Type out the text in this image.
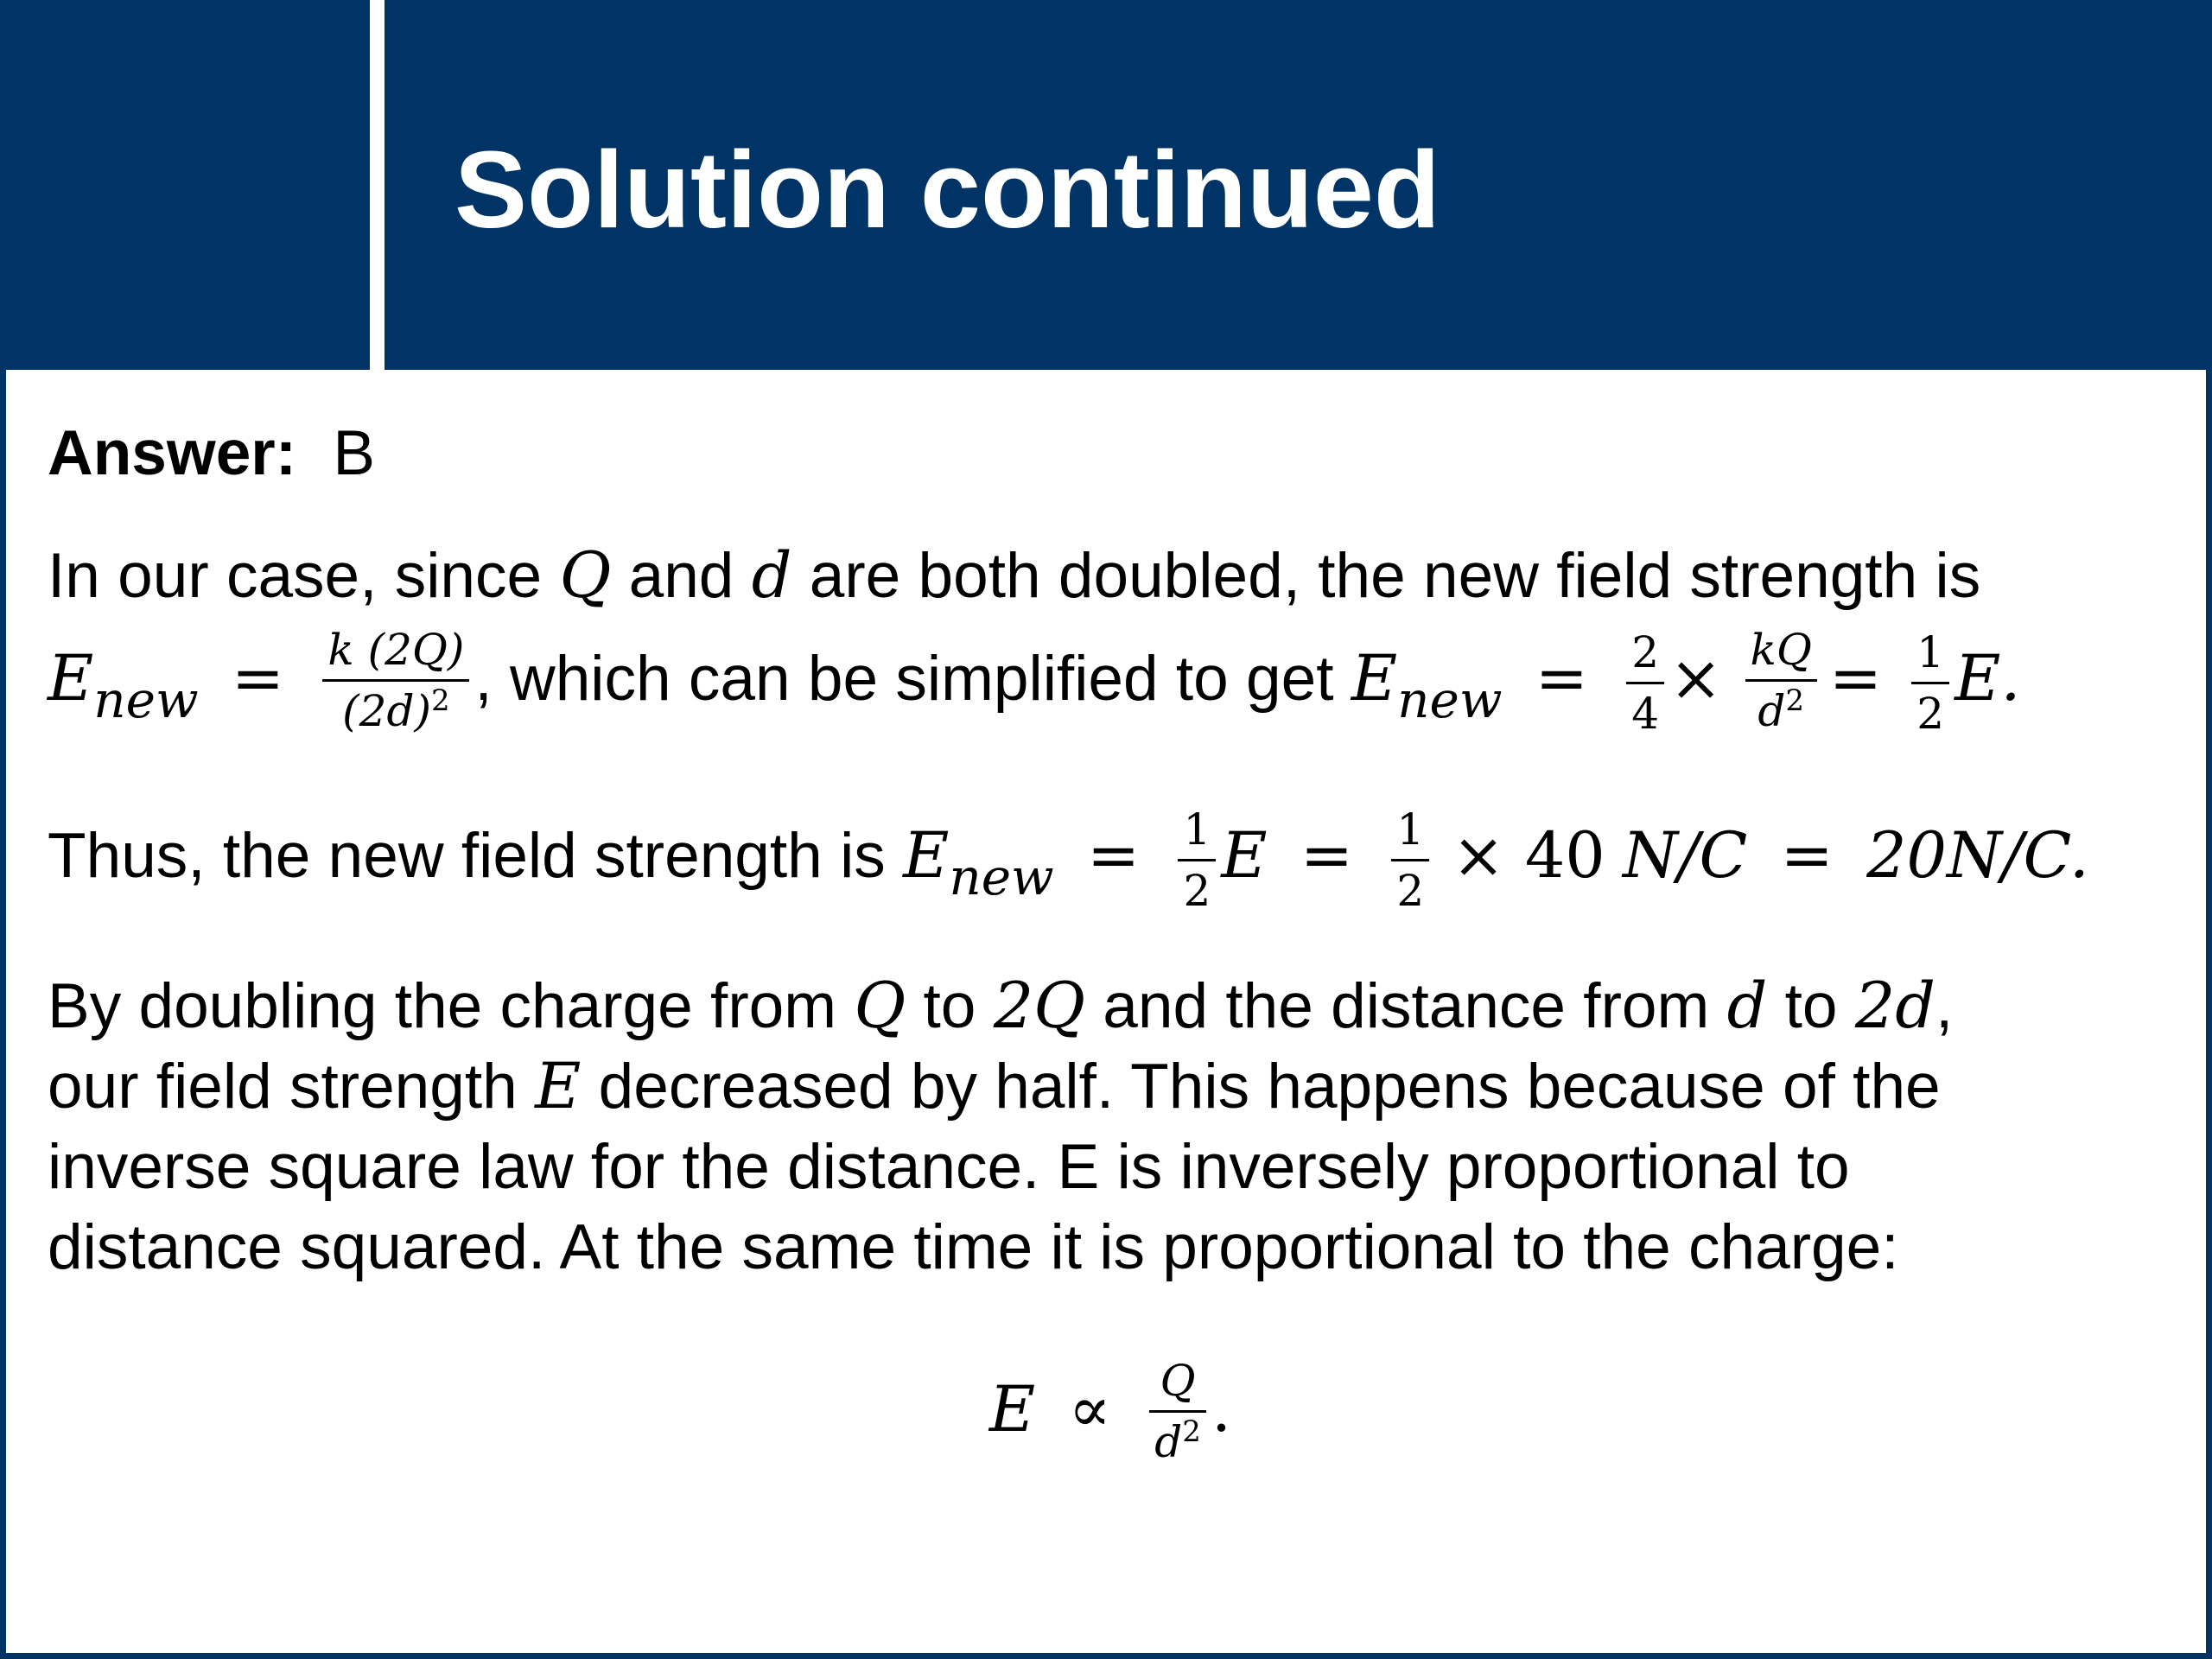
Solution continued
Answer: B
In our case, since Q and d are both doubled, the new field strength is
$E_{new} = \frac{k (2Q)}{(2d)^2}$ , which can be simplified to get $E_{new} = \frac{2}{4} \times \frac{kQ}{d^2} = \frac{1}{2} E$.
Thus, the new field strength is $E_{new} = \frac{1}{2}$ $E = \frac{1}{2} \times 40$ N/C = 20N/C.
By doubling the charge from Q to 2Q and the distance from d to 2d,
our field strength E decreased by half. This happens because of the
inverse square law for the distance. E is inversely proportional to
distance squared. At the same time it is proportional to the charge:
$E \propto \frac{Q}{d^2}$ .
